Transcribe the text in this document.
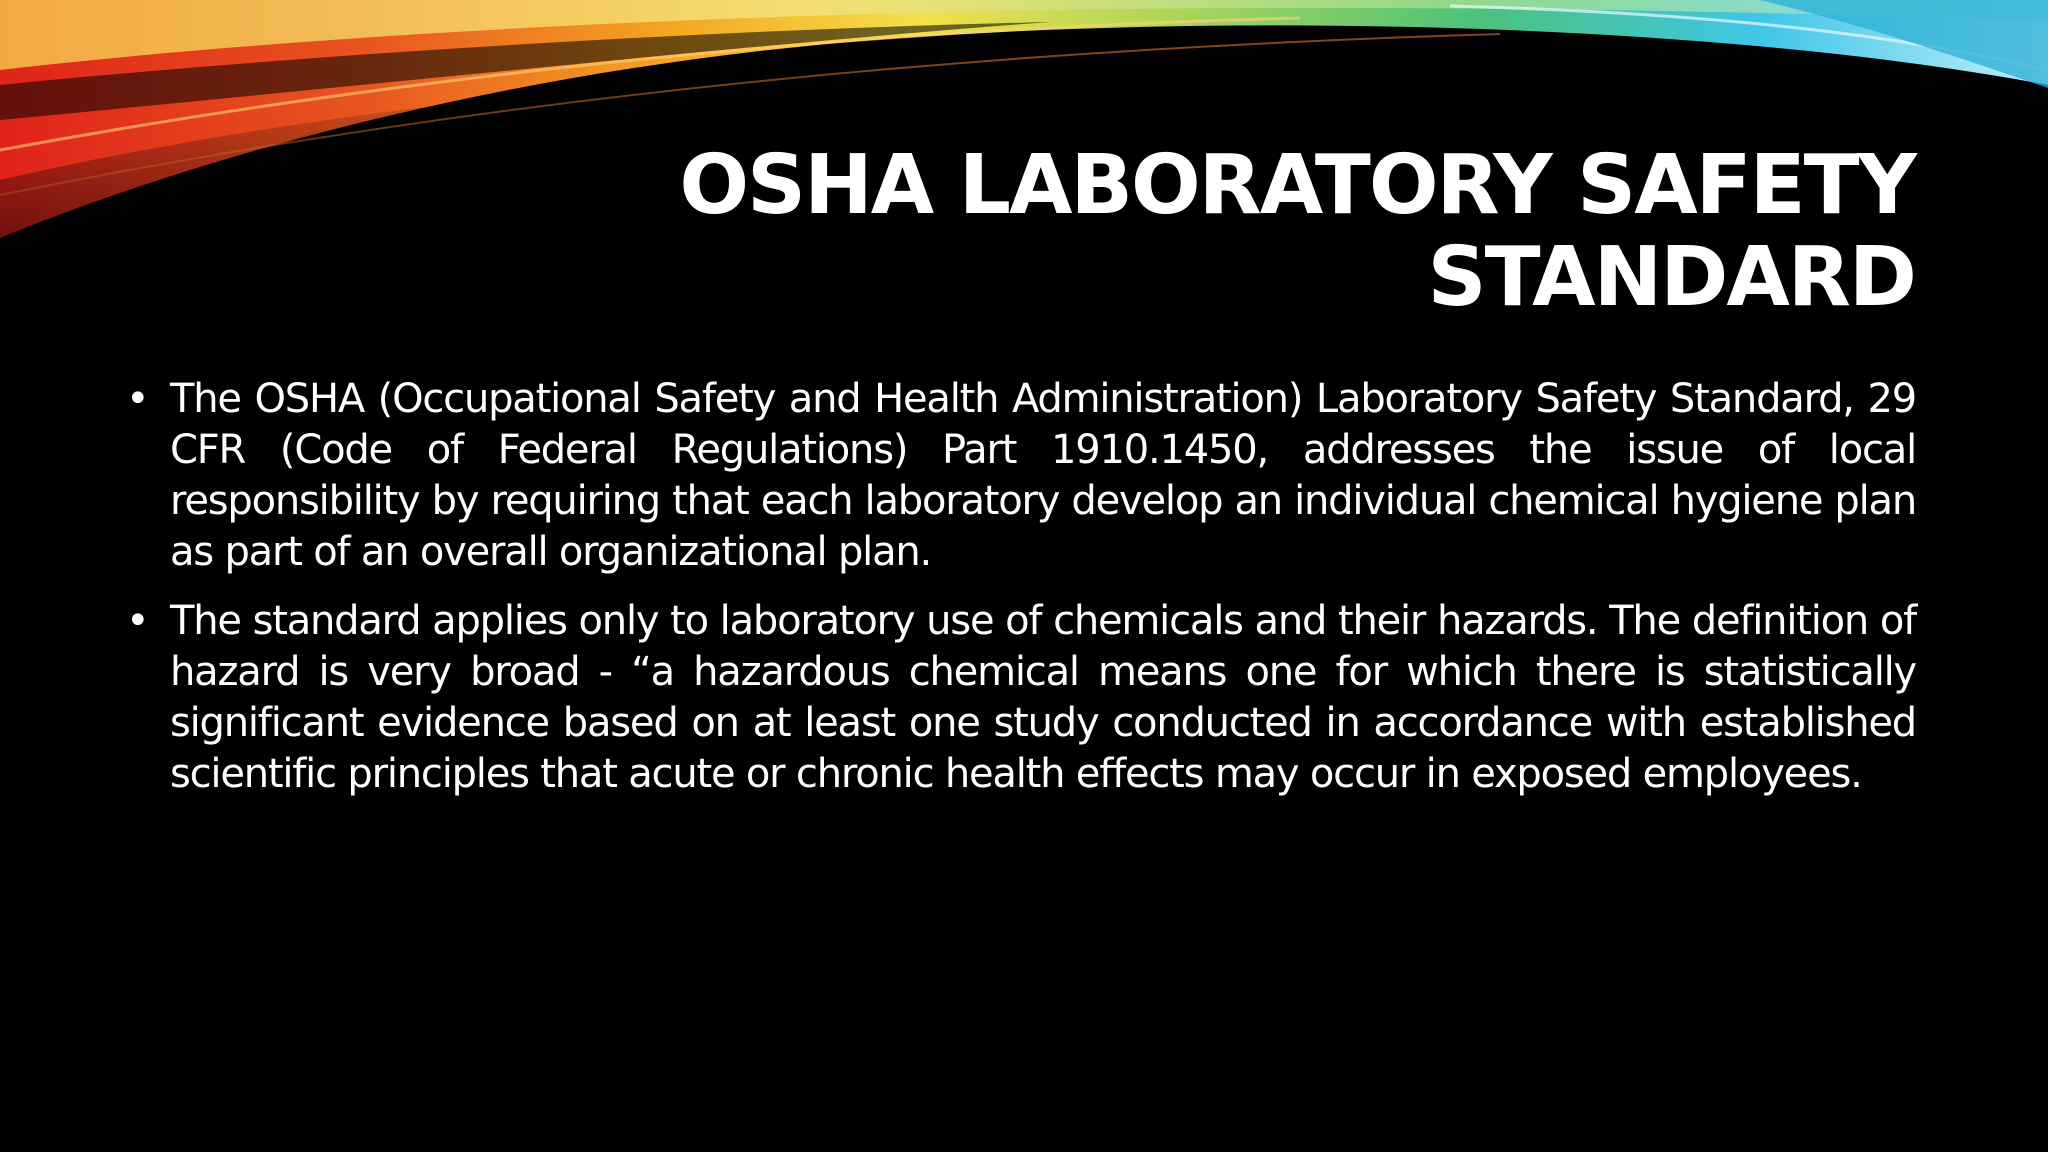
OSHA LABORATORY SAFETY
STANDARD
• The OSHA (Occupational Safety and Health Administration) Laboratory Safety Standard, 29 CFR (Code of Federal Regulations) Part 1910.1450, addresses the issue of local responsibility by requiring that each laboratory develop an individual chemical hygiene plan as part of an overall organizational plan.
• The standard applies only to laboratory use of chemicals and their hazards. The definition of hazard is very broad - “a hazardous chemical means one for which there is statistically significant evidence based on at least one study conducted in accordance with established scientific principles that acute or chronic health effects may occur in exposed employees.
